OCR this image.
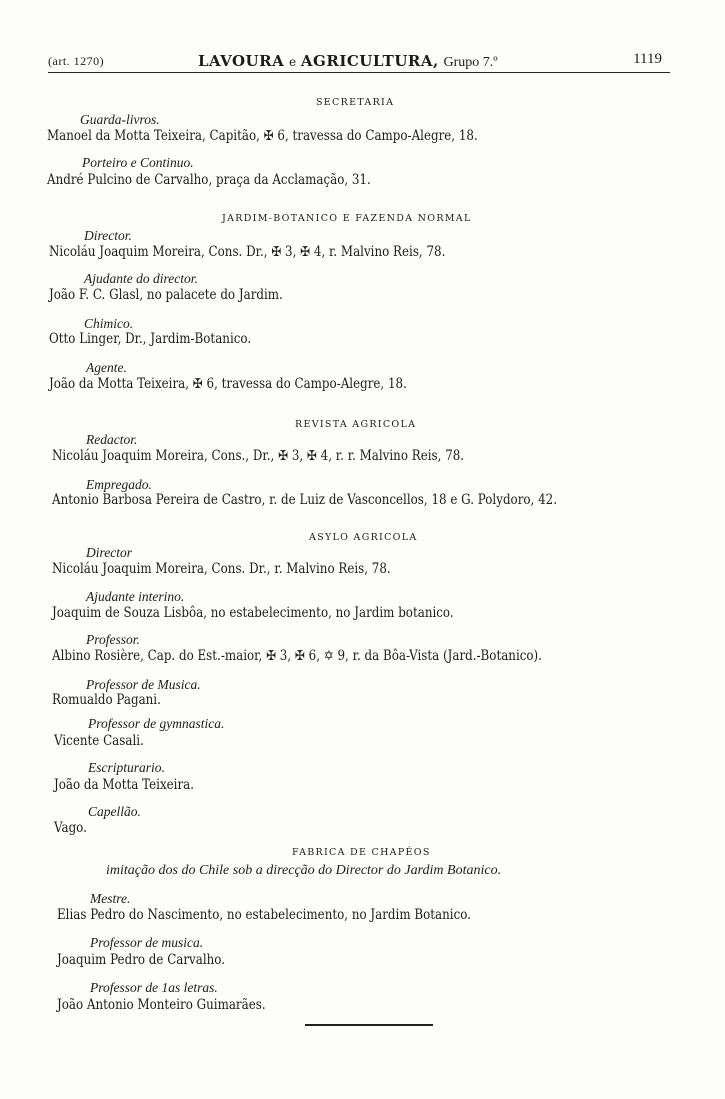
(art. 1270)	LAVOURA e AGRICULTURA, Grupo 7.º	1119
SECRETARIA
Guarda-livros.
Manoel da Motta Teixeira, Capitão, ✠ 6, travessa do Campo-Alegre, 18.
Porteiro e Continuo.
André Pulcino de Carvalho, praça da Acclamação, 31.
JARDIM-BOTANICO E FAZENDA NORMAL
Director.
Nicoláu Joaquim Moreira, Cons. Dr., ✠ 3, ✠ 4, r. Malvino Reis, 78.
Ajudante do director.
João F. C. Glasl, no palacete do Jardim.
Chimico.
Otto Linger, Dr., Jardim-Botanico.
Agente.
João da Motta Teixeira, ✠ 6, travessa do Campo-Alegre, 18.
REVISTA AGRICOLA
Redactor.
Nicoláu Joaquim Moreira, Cons., Dr., ✠ 3, ✠ 4, r. r. Malvino Reis, 78.
Empregado.
Antonio Barbosa Pereira de Castro, r. de Luiz de Vasconcellos, 18 e G. Polydoro, 42.
ASYLO AGRICOLA
Director
Nicoláu Joaquim Moreira, Cons. Dr., r. Malvino Reis, 78.
Ajudante interino.
Joaquim de Souza Lisbôa, no estabelecimento, no Jardim botanico.
Professor.
Albino Rosière, Cap. do Est.-maior, ✠ 3, ✠ 6, ✡ 9, r. da Bôa-Vista (Jard.-Botanico).
Professor de Musica.
Romualdo Pagani.
Professor de gymnastica.
Vicente Casali.
Escripturario.
João da Motta Teixeira.
Capellão.
Vago.
FABRICA DE CHAPÉOS
imitação dos do Chile sob a direcção do Director do Jardim Botanico.
Mestre.
Elias Pedro do Nascimento, no estabelecimento, no Jardim Botanico.
Professor de musica.
Joaquim Pedro de Carvalho.
Professor de 1as letras.
João Antonio Monteiro Guimarães.
